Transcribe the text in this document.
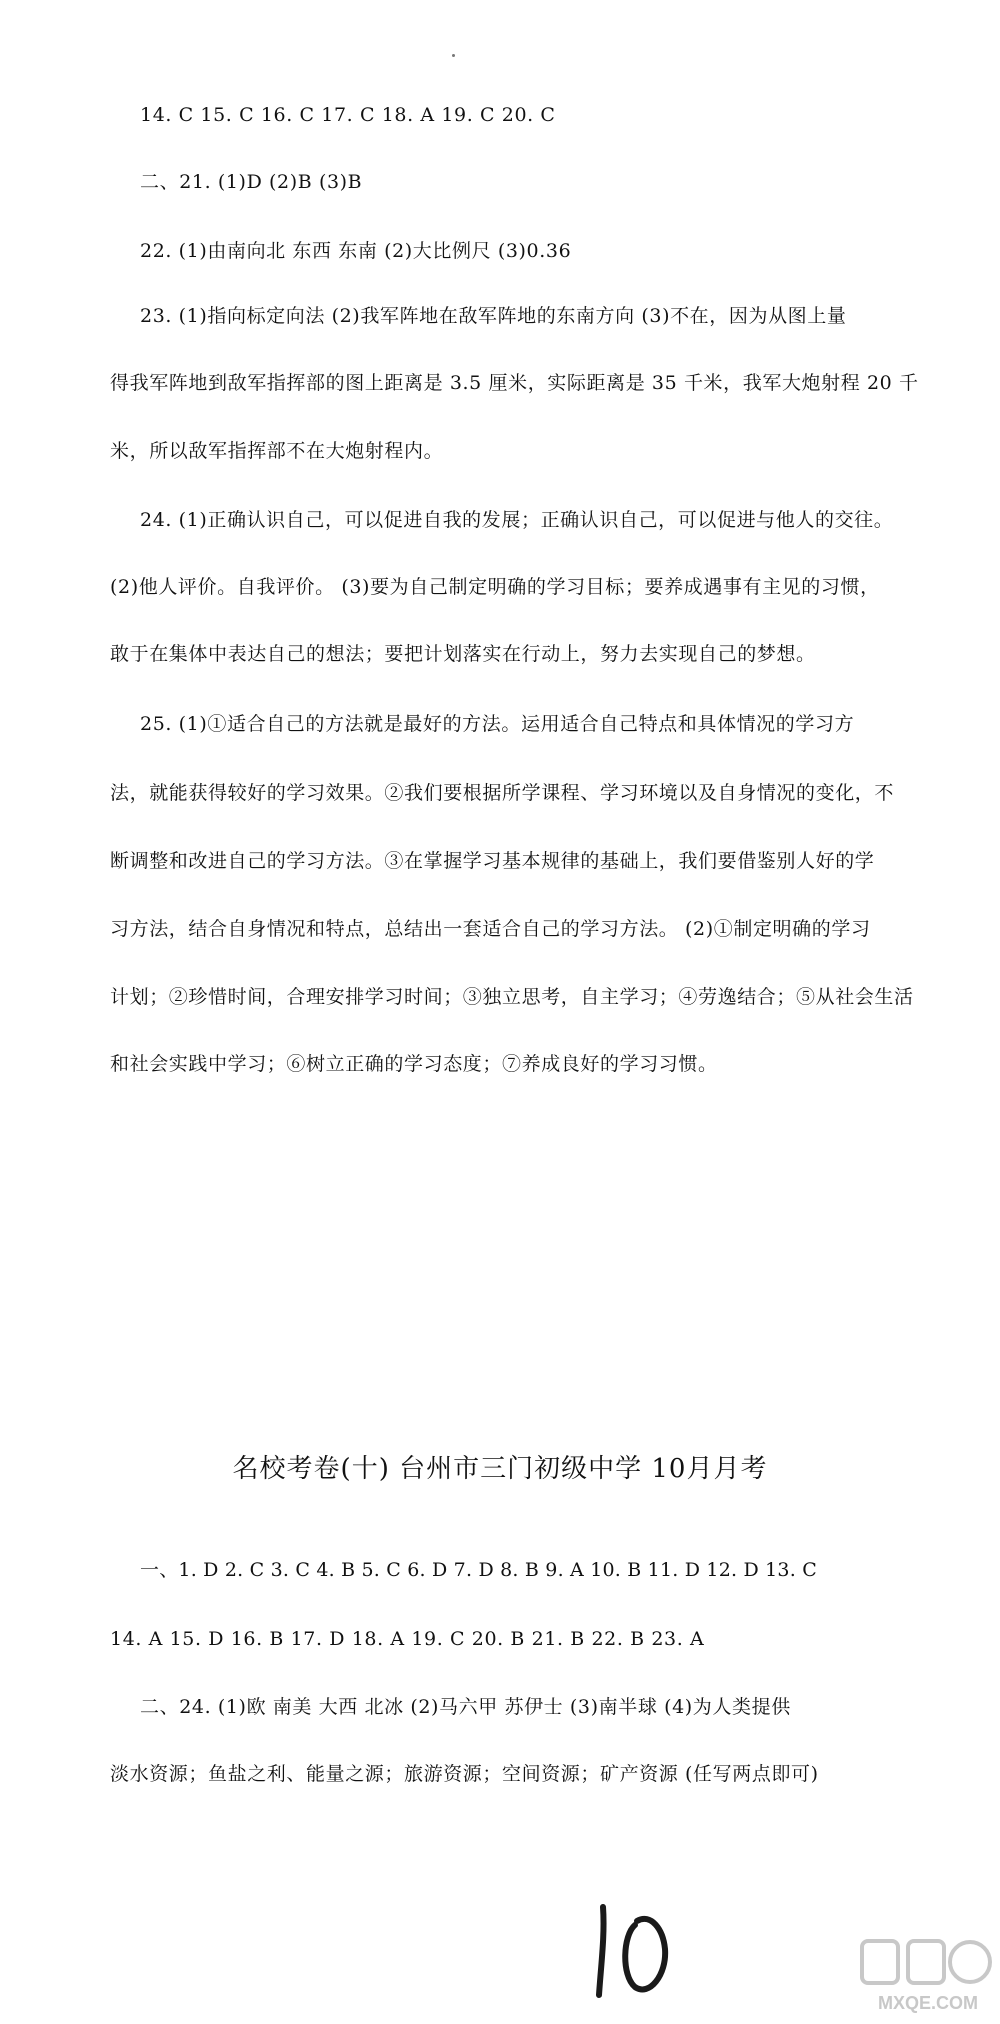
14. C 15. C 16. C 17. C 18. A 19. C 20. C
二、21. (1)D (2)B (3)B
22. (1)由南向北 东西 东南 (2)大比例尺 (3)0.36
23. (1)指向标定向法 (2)我军阵地在敌军阵地的东南方向 (3)不在，因为从图上量
得我军阵地到敌军指挥部的图上距离是 3.5 厘米，实际距离是 35 千米，我军大炮射程 20 千
米，所以敌军指挥部不在大炮射程内。
24. (1)正确认识自己，可以促进自我的发展；正确认识自己，可以促进与他人的交往。
(2)他人评价。自我评价。 (3)要为自己制定明确的学习目标；要养成遇事有主见的习惯，
敢于在集体中表达自己的想法；要把计划落实在行动上，努力去实现自己的梦想。
25. (1)①适合自己的方法就是最好的方法。运用适合自己特点和具体情况的学习方
法，就能获得较好的学习效果。②我们要根据所学课程、学习环境以及自身情况的变化，不
断调整和改进自己的学习方法。③在掌握学习基本规律的基础上，我们要借鉴别人好的学
习方法，结合自身情况和特点，总结出一套适合自己的学习方法。 (2)①制定明确的学习
计划；②珍惜时间，合理安排学习时间；③独立思考，自主学习；④劳逸结合；⑤从社会生活
和社会实践中学习；⑥树立正确的学习态度；⑦养成良好的学习习惯。
名校考卷(十) 台州市三门初级中学 10月月考
一、1. D 2. C 3. C 4. B 5. C 6. D 7. D 8. B 9. A 10. B 11. D 12. D 13. C
14. A 15. D 16. B 17. D 18. A 19. C 20. B 21. B 22. B 23. A
二、24. (1)欧 南美 大西 北冰 (2)马六甲 苏伊士 (3)南半球 (4)为人类提供
淡水资源；鱼盐之利、能量之源；旅游资源；空间资源；矿产资源 (任写两点即可)
MXQE.COM
